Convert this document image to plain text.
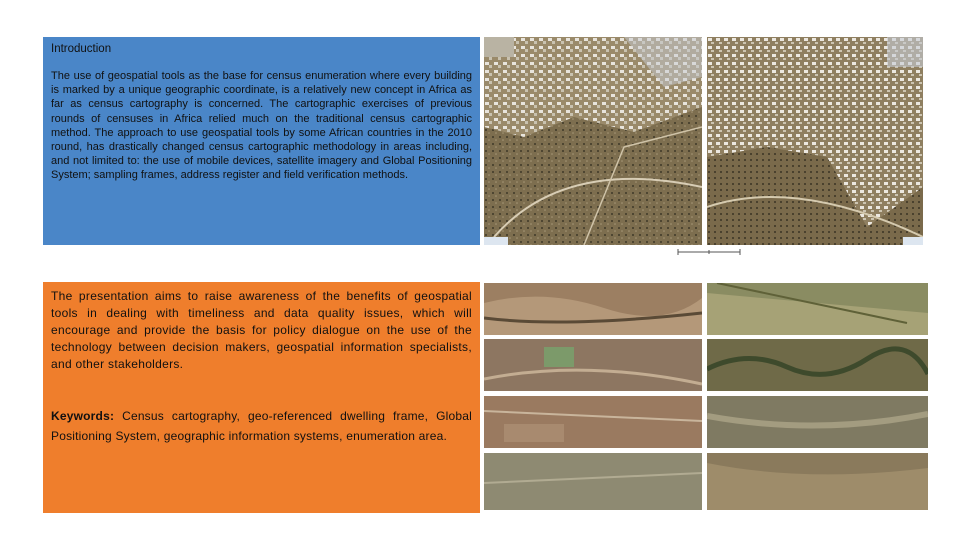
Introduction
The use of geospatial tools as the base for census enumeration where every building is marked by a unique geographic coordinate, is a relatively new concept in Africa as far as census cartography is concerned. The cartographic exercises of previous rounds of censuses in Africa relied much on the traditional census cartographic method. The approach to use geospatial tools by some African countries in the 2010 round, has drastically changed census cartographic methodology in areas including, and not limited to: the use of mobile devices, satellite imagery and Global Positioning System; sampling frames, address register and field verification methods.
The presentation aims to raise awareness of the benefits of geospatial tools in dealing with timeliness and data quality issues, which will encourage and provide the basis for policy dialogue on the use of the technology between decision makers, geospatial information specialists, and other stakeholders.
Keywords: Census cartography, geo-referenced dwelling frame, Global Positioning System, geographic information systems, enumeration area.
